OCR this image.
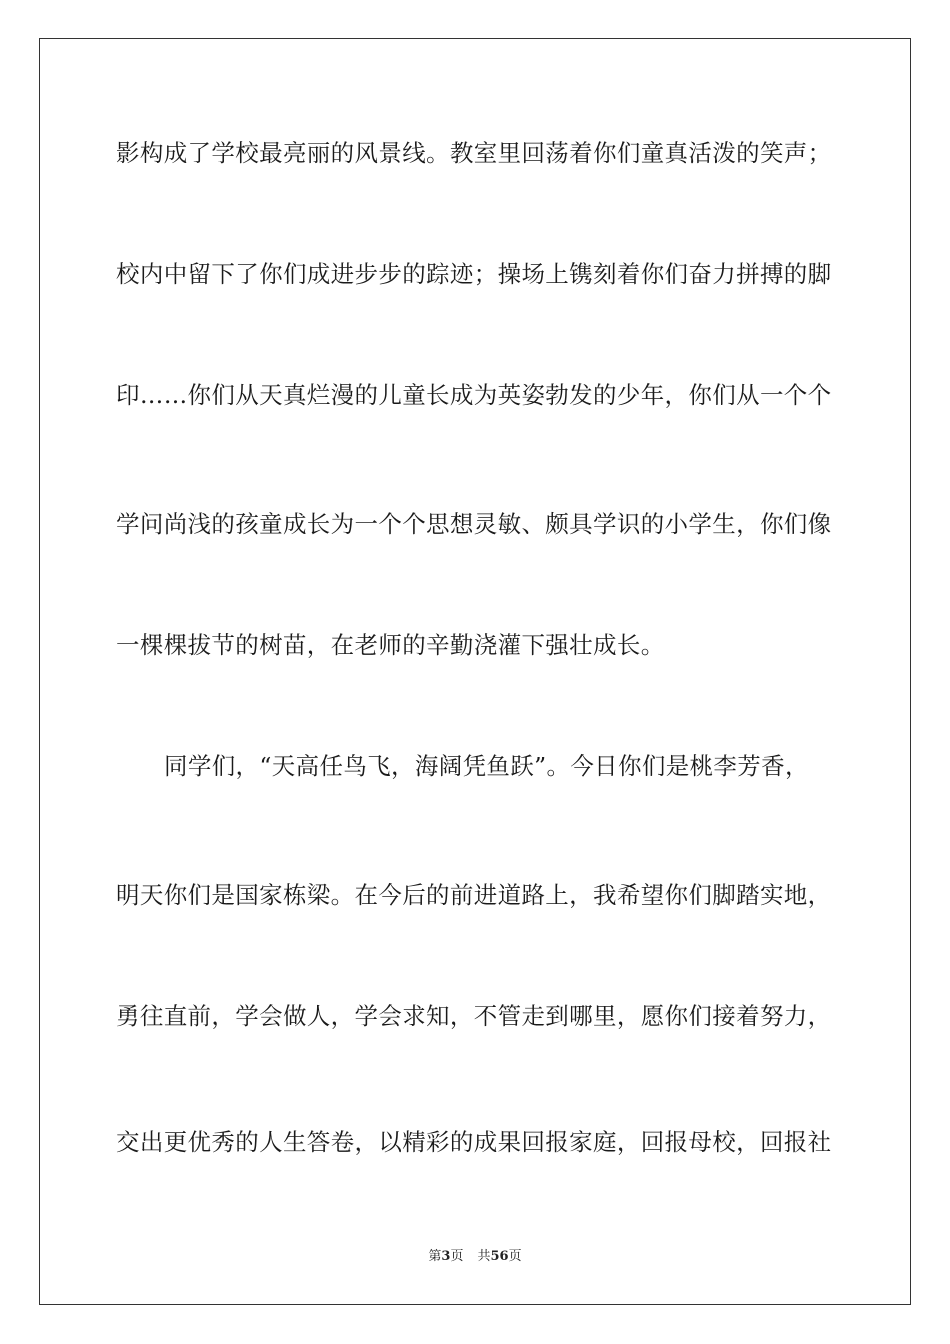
影构成了学校最亮丽的风景线。教室里回荡着你们童真活泼的笑声；
校内中留下了你们成进步步的踪迹；操场上镌刻着你们奋力拼搏的脚
印……你们从天真烂漫的儿童长成为英姿勃发的少年，你们从一个个
学问尚浅的孩童成长为一个个思想灵敏、颇具学识的小学生，你们像
一棵棵拔节的树苗，在老师的辛勤浇灌下强壮成长。
同学们，“天高任鸟飞，海阔凭鱼跃”。今日你们是桃李芳香，
明天你们是国家栋梁。在今后的前进道路上，我希望你们脚踏实地，
勇往直前，学会做人，学会求知，不管走到哪里，愿你们接着努力，
交出更优秀的人生答卷，以精彩的成果回报家庭，回报母校，回报社
第3页 共56页
